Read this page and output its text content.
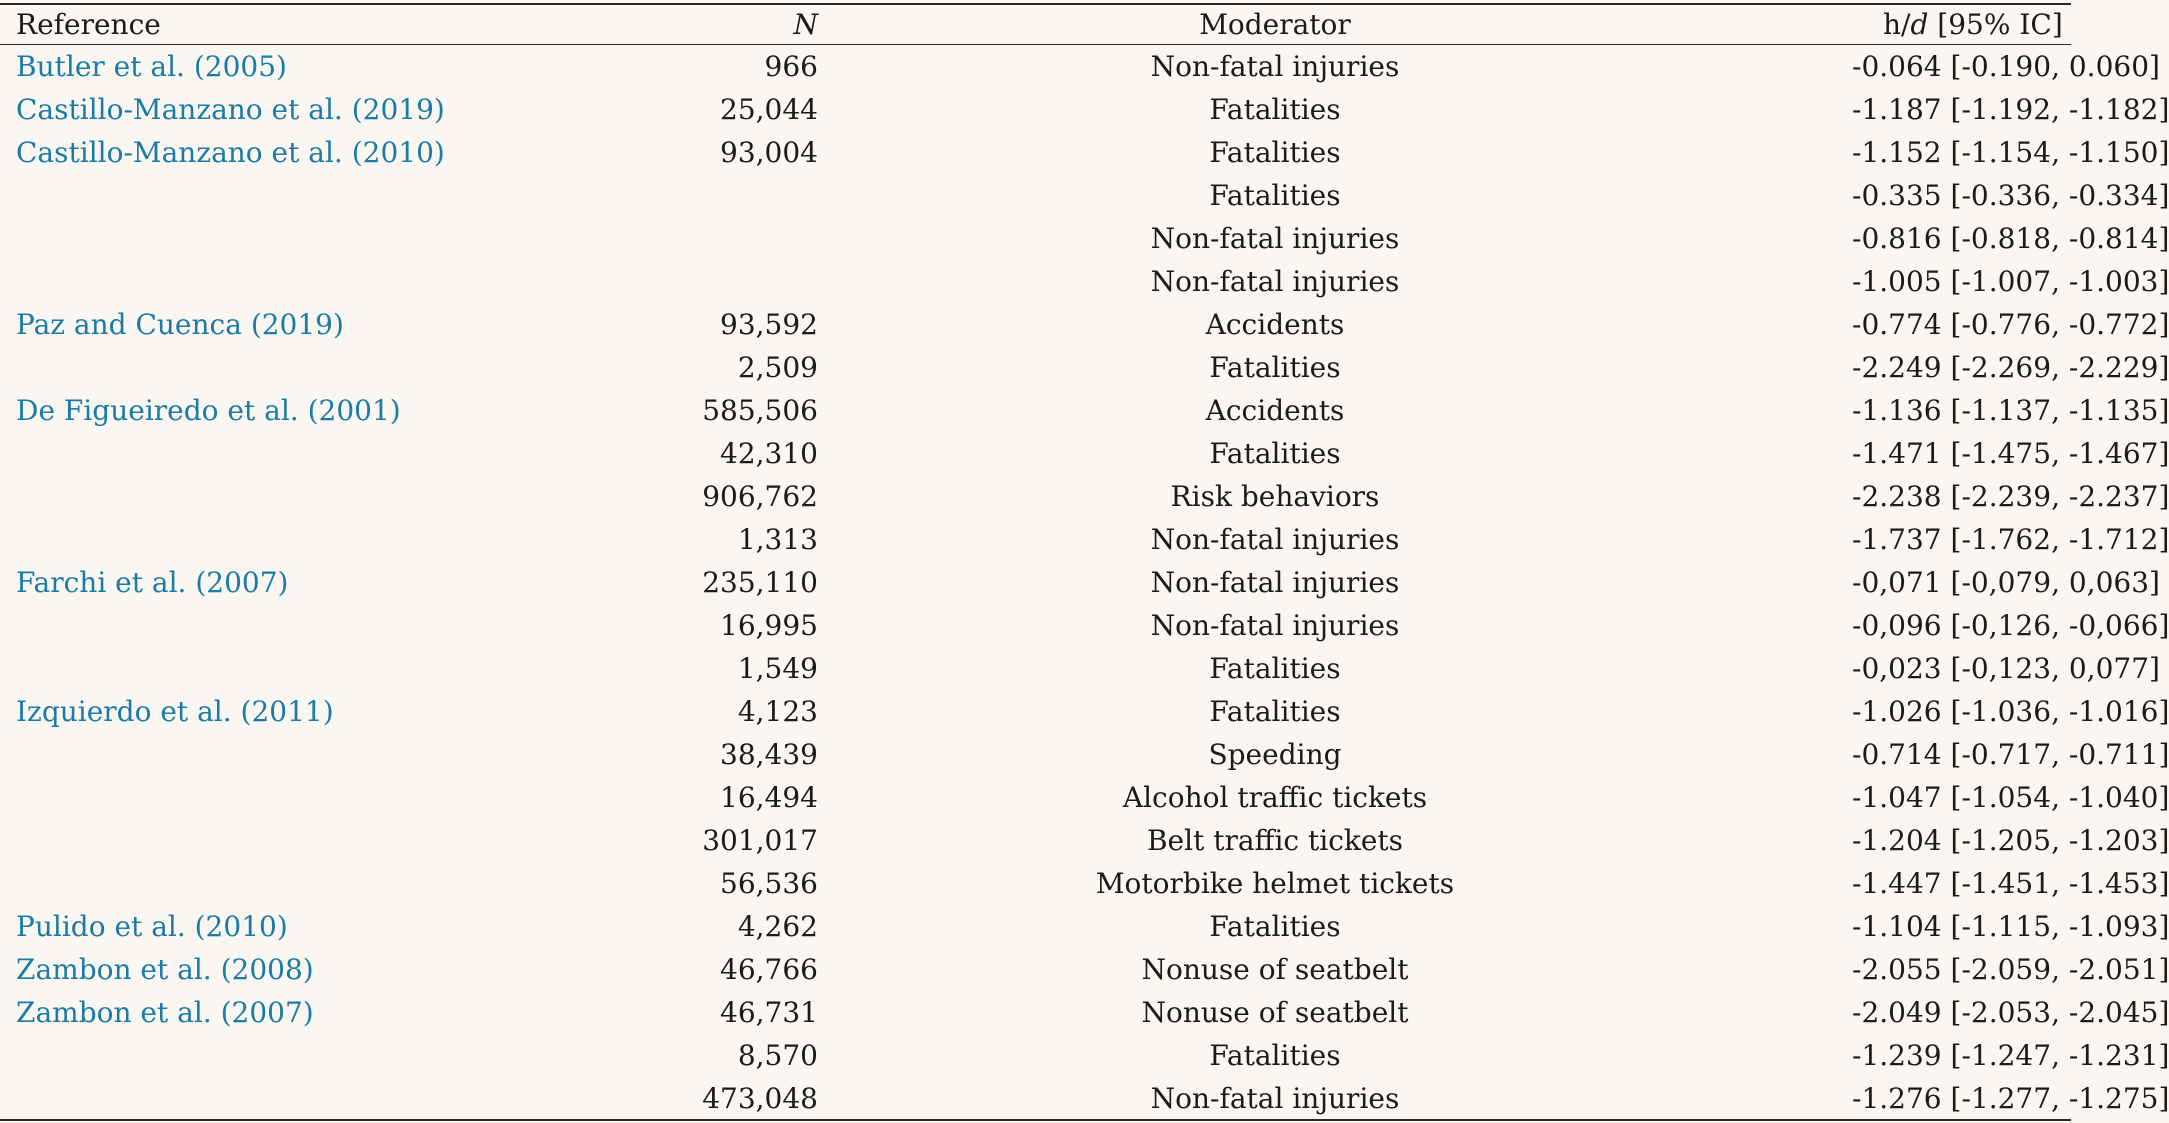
Reference	N	Moderator	h/d [95% IC]
Butler et al. (2005)	966	Non-fatal injuries	-0.064 [-0.190, 0.060]
Castillo-Manzano et al. (2019)	25,044	Fatalities	-1.187 [-1.192, -1.182]
Castillo-Manzano et al. (2010)	93,004	Fatalities	-1.152 [-1.154, -1.150]
		Fatalities	-0.335 [-0.336, -0.334]
		Non-fatal injuries	-0.816 [-0.818, -0.814]
		Non-fatal injuries	-1.005 [-1.007, -1.003]
Paz and Cuenca (2019)	93,592	Accidents	-0.774 [-0.776, -0.772]
	2,509	Fatalities	-2.249 [-2.269, -2.229]
De Figueiredo et al. (2001)	585,506	Accidents	-1.136 [-1.137, -1.135]
	42,310	Fatalities	-1.471 [-1.475, -1.467]
	906,762	Risk behaviors	-2.238 [-2.239, -2.237]
	1,313	Non-fatal injuries	-1.737 [-1.762, -1.712]
Farchi et al. (2007)	235,110	Non-fatal injuries	-0,071 [-0,079, 0,063]
	16,995	Non-fatal injuries	-0,096 [-0,126, -0,066]
	1,549	Fatalities	-0,023 [-0,123, 0,077]
Izquierdo et al. (2011)	4,123	Fatalities	-1.026 [-1.036, -1.016]
	38,439	Speeding	-0.714 [-0.717, -0.711]
	16,494	Alcohol traffic tickets	-1.047 [-1.054, -1.040]
	301,017	Belt traffic tickets	-1.204 [-1.205, -1.203]
	56,536	Motorbike helmet tickets	-1.447 [-1.451, -1.453]
Pulido et al. (2010)	4,262	Fatalities	-1.104 [-1.115, -1.093]
Zambon et al. (2008)	46,766	Nonuse of seatbelt	-2.055 [-2.059, -2.051]
Zambon et al. (2007)	46,731	Nonuse of seatbelt	-2.049 [-2.053, -2.045]
	8,570	Fatalities	-1.239 [-1.247, -1.231]
	473,048	Non-fatal injuries	-1.276 [-1.277, -1.275]
